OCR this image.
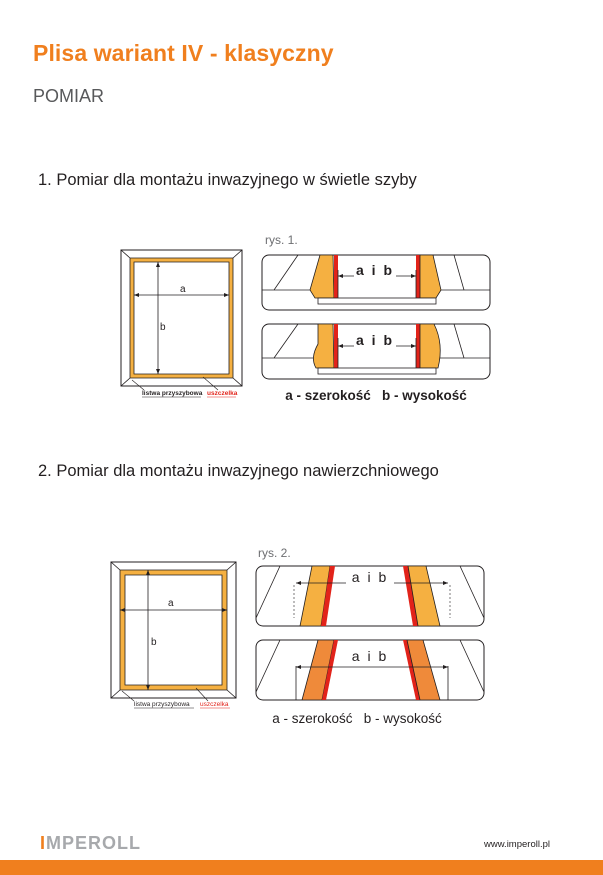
Plisa wariant IV - klasyczny
POMIAR
1. Pomiar dla montażu inwazyjnego w świetle szyby
rys. 1.
a
b
listwa przyszybowa uszczelka
a i b
a i b
a - szerokość   b - wysokość
2. Pomiar dla montażu inwazyjnego nawierzchniowego
rys. 2.
a
b
listwa przyszybowa uszczelka
a i b
a i b
a - szerokość   b - wysokość
IMPEROLL	www.imperoll.pl
